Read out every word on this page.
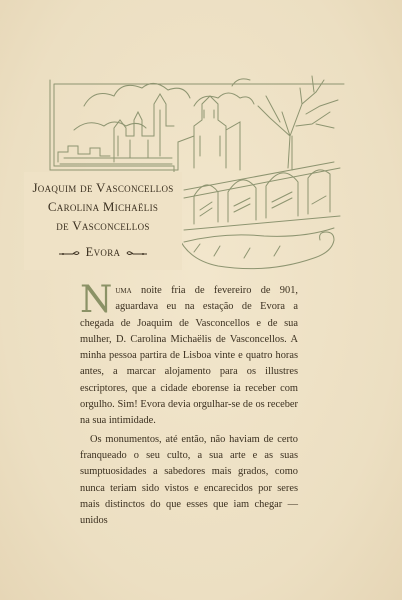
Joaquim de Vasconcellos
Carolina Michaëlis
de Vasconcellos
Evora

Numa noite fria de fevereiro de 901, aguardava eu na estação de Evora a chegada de Joaquim de Vasconcellos e de sua mulher, D. Carolina Michaëlis de Vasconcellos. A minha pessoa partira de Lisboa vinte e quatro horas antes, a marcar alojamento para os illustres escriptores, que a cidade eborense ia receber com orgulho. Sim! Evora devia orgulhar-se de os receber na sua intimidade.

Os monumentos, até então, não haviam de certo franqueado o seu culto, a sua arte e as suas sumptuosidades a sabedores mais grados, como nunca teriam sido vistos e encarecidos por seres mais distinctos do que esses que iam chegar — unidos
